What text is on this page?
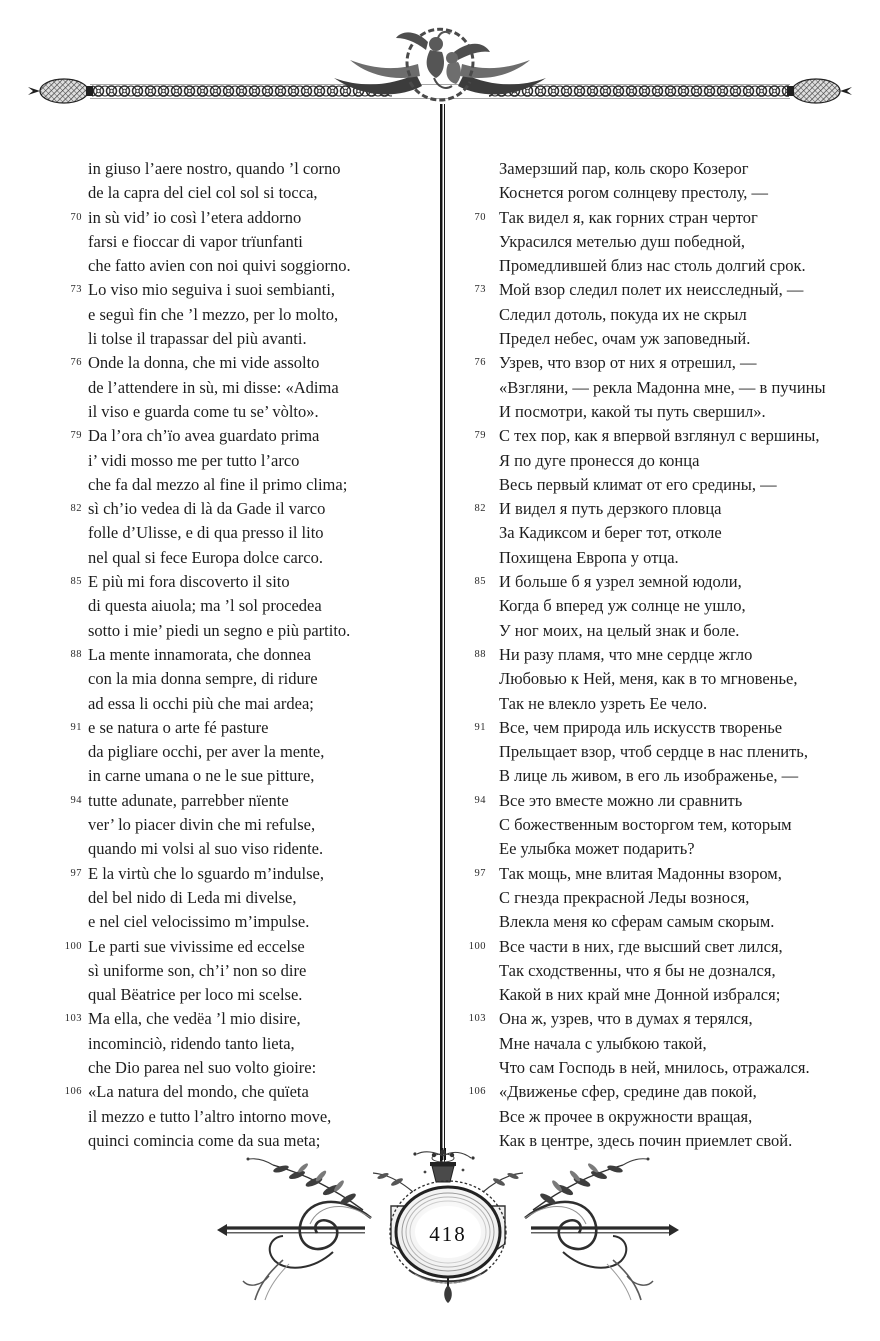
in giuso l’aere nostro, quando ’l corno
de la capra del ciel col sol si tocca,
70 in sù vid’ io così l’etera addorno
farsi e fioccar di vapor trïunfanti
che fatto avien con noi quivi soggiorno.
73 Lo viso mio seguiva i suoi sembianti,
e seguì fin che ’l mezzo, per lo molto,
li tolse il trapassar del più avanti.
76 Onde la donna, che mi vide assolto
de l’attendere in sù, mi disse: «Adima
il viso e guarda come tu se’ vòlto».
79 Da l’ora ch’ïo avea guardato prima
i’ vidi mosso me per tutto l’arco
che fa dal mezzo al fine il primo clima;
82 sì ch’io vedea di là da Gade il varco
folle d’Ulisse, e di qua presso il lito
nel qual si fece Europa dolce carco.
85 E più mi fora discoverto il sito
di questa aiuola; ma ’l sol procedea
sotto i mie’ piedi un segno e più partito.
88 La mente innamorata, che donnea
con la mia donna sempre, di ridure
ad essa li occhi più che mai ardea;
91 e se natura o arte fé pasture
da pigliare occhi, per aver la mente,
in carne umana o ne le sue pitture,
94 tutte adunate, parrebber nïente
ver’ lo piacer divin che mi refulse,
quando mi volsi al suo viso ridente.
97 E la virtù che lo sguardo m’indulse,
del bel nido di Leda mi divelse,
e nel ciel velocissimo m’impulse.
100 Le parti sue vivissime ed eccelse
sì uniforme son, ch’i’ non so dire
qual Bëatrice per loco mi scelse.
103 Ma ella, che vedëa ’l mio disire,
incominciò, ridendo tanto lieta,
che Dio parea nel suo volto gioire:
106 «La natura del mondo, che quïeta
il mezzo e tutto l’altro intorno move,
quinci comincia come da sua meta;
Замерзший пар, коль скоро Козерог
Коснется рогом солнцеву престолу, —
70 Так видел я, как горних стран чертог
Украсился метелью душ победной,
Промедлившей близ нас столь долгий срок.
73 Мой взор следил полет их неисследный, —
Следил дотоль, покуда их не скрыл
Предел небес, очам уж заповедный.
76 Узрев, что взор от них я отрешил, —
«Взгляни, — рекла Мадонна мне, — в пучины
И посмотри, какой ты путь свершил».
79 С тех пор, как я впервой взглянул с вершины,
Я по дуге пронесся до конца
Весь первый климат от его средины, —
82 И видел я путь дерзкого пловца
За Кадиксом и берег тот, отколе
Похищена Европа у отца.
85 И больше б я узрел земной юдоли,
Когда б вперед уж солнце не ушло,
У ног моих, на целый знак и боле.
88 Ни разу пламя, что мне сердце жгло
Любовью к Ней, меня, как в то мгновенье,
Так не влекло узреть Ее чело.
91 Все, чем природа иль искусств творенье
Прельщает взор, чтоб сердце в нас пленить,
В лице ль живом, в его ль изображенье, —
94 Все это вместе можно ли сравнить
С божественным восторгом тем, которым
Ее улыбка может подарить?
97 Так мощь, мне влитая Мадонны взором,
С гнезда прекрасной Леды вознося,
Влекла меня ко сферам самым скорым.
100 Все части в них, где высший свет лился,
Так сходственны, что я бы не дознался,
Какой в них край мне Донной избрался;
103 Она ж, узрев, что в думах я терялся,
Мне начала с улыбкою такой,
Что сам Господь в ней, мнилось, отражался.
106 «Движенье сфер, средине дав покой,
Все ж прочее в окружности вращая,
Как в центре, здесь почин приемлет свой.
418
